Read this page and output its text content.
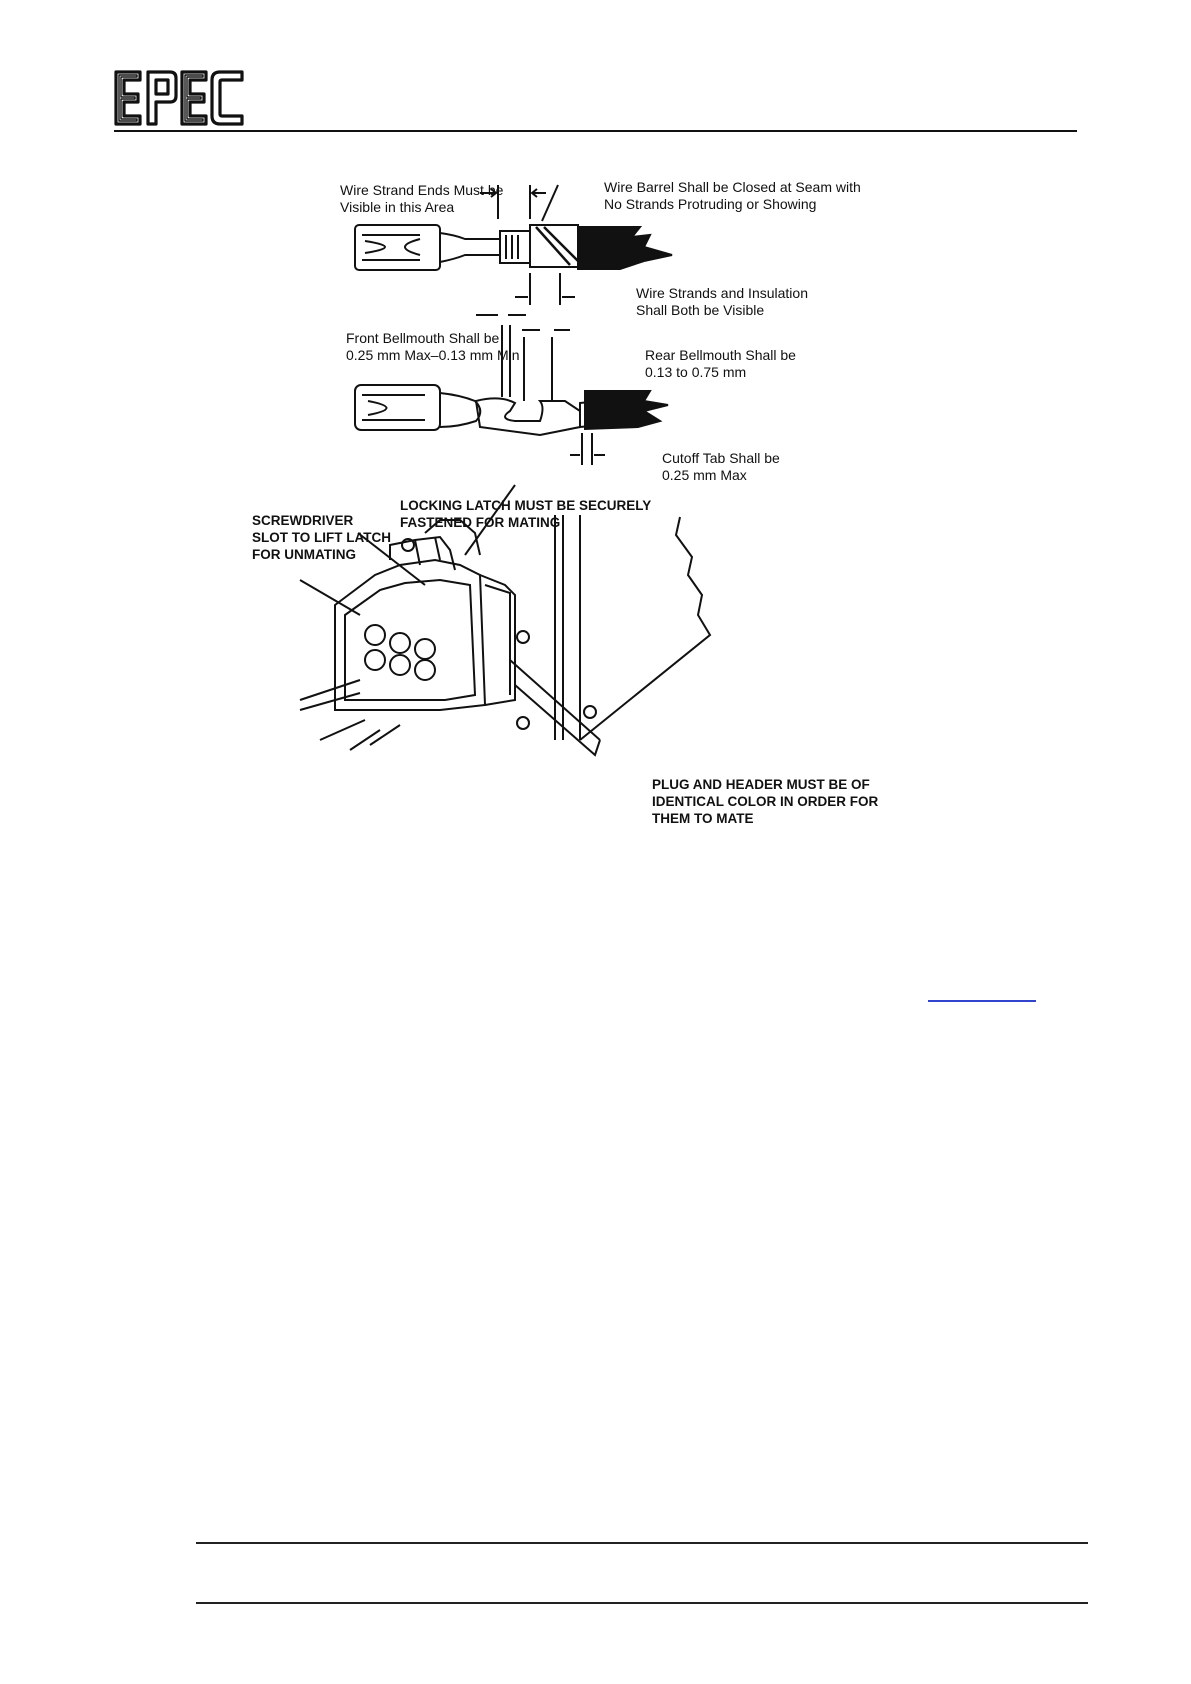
Wire Strand Ends Must be
Visible in this Area
Wire Barrel Shall be Closed at Seam with
No Strands Protruding or Showing
Wire Strands and Insulation
Shall Both be Visible
Front Bellmouth Shall be
0.25 mm Max–0.13 mm Min	Rear Bellmouth Shall be
0.13 to 0.75 mm
Cutoff Tab Shall be
0.25 mm Max
SCREWDRIVER
SLOT TO LIFT LATCH
FOR UNMATING
LOCKING LATCH MUST BE SECURELY
FASTENED FOR MATING
PLUG AND HEADER MUST BE OF
IDENTICAL COLOR IN ORDER FOR
THEM TO MATE
